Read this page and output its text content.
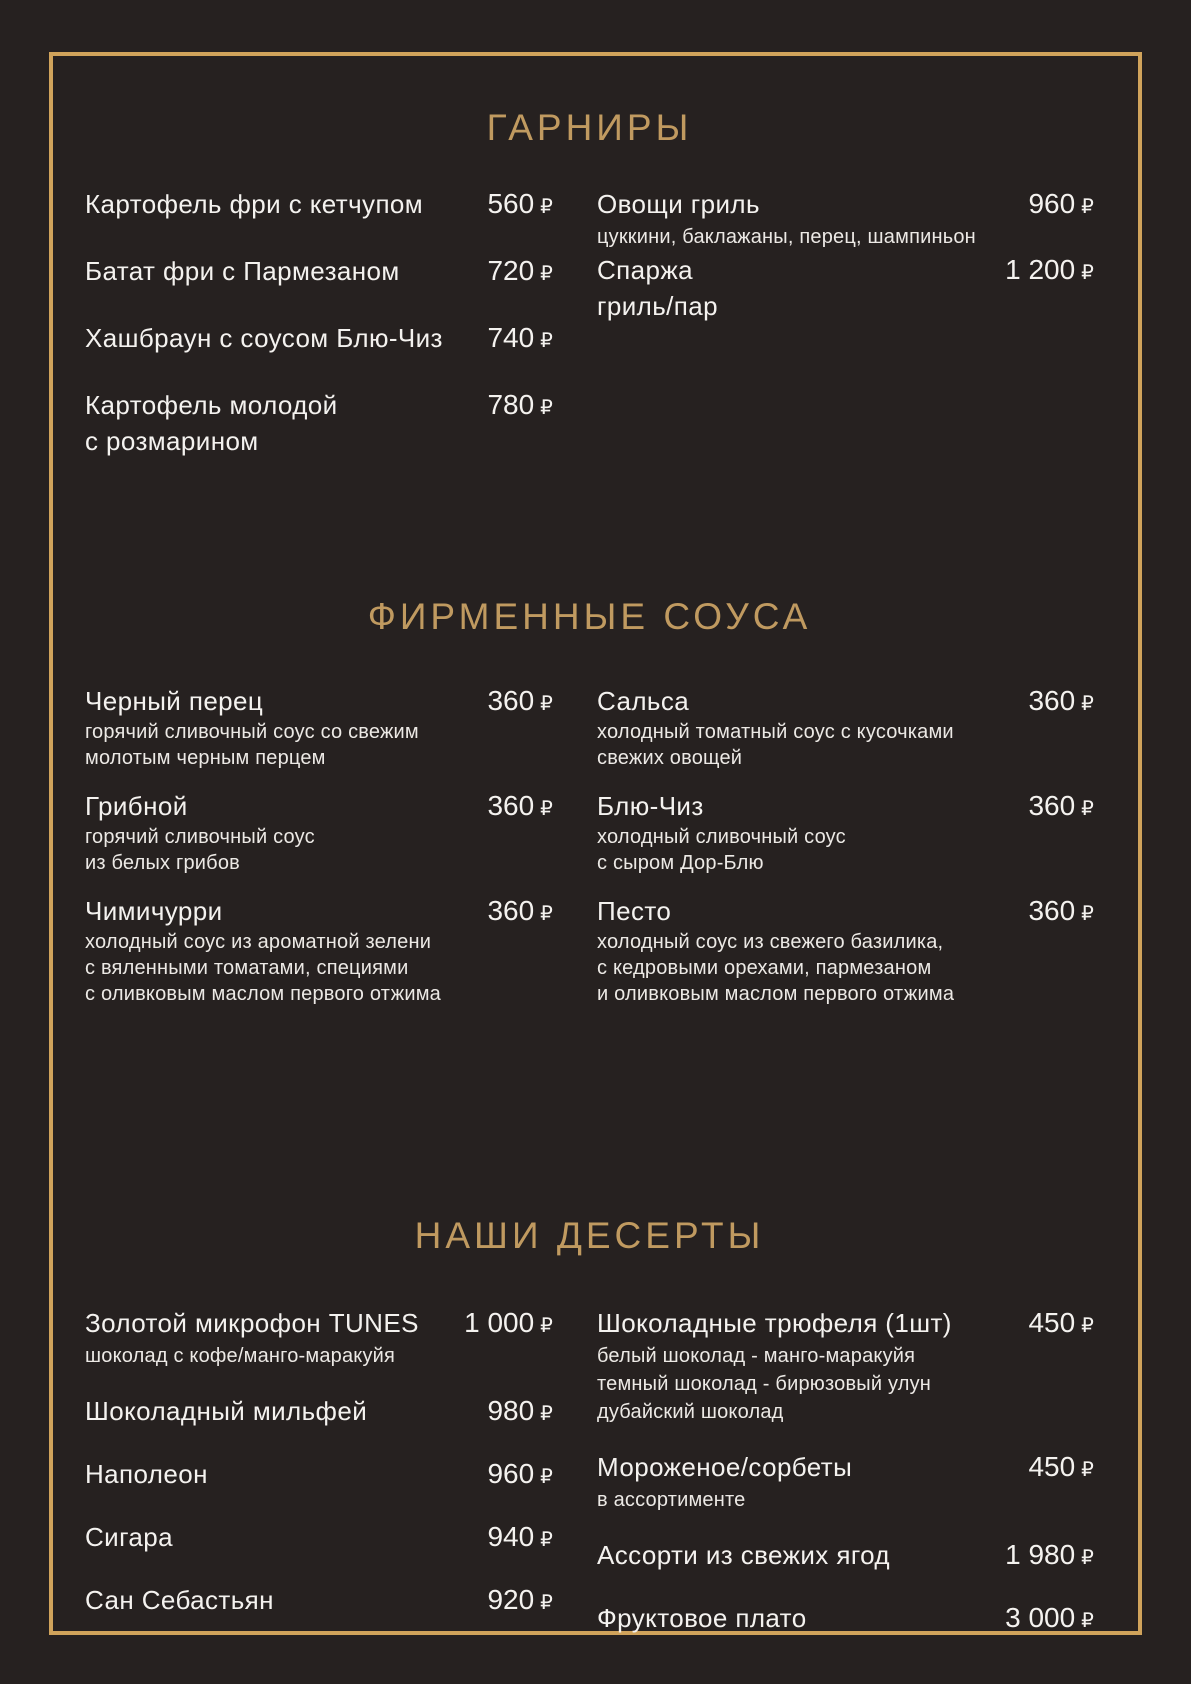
ГАРНИРЫ
Картофель фри с кетчупом	560 ₽
Батат фри с Пармезаном	720 ₽
Хашбраун с соусом Блю-Чиз	740 ₽
Картофель молодой
с розмарином
780 ₽
Овощи гриль
цуккини, баклажаны, перец, шампиньон
960 ₽
Спаржа
гриль/пар
1 200 ₽
ФИРМЕННЫЕ СОУСА
Черный перец
горячий сливочный соус со свежим
молотым черным перцем
360 ₽
Грибной
горячий сливочный соус
из белых грибов
360 ₽
Чимичурри
холодный соус из ароматной зелени
с вяленными томатами, специями
с оливковым маслом первого отжима
360 ₽
Сальса
холодный томатный соус с кусочками
свежих овощей
360 ₽
Блю-Чиз
холодный сливочный соус
с сыром Дор-Блю
360 ₽
Песто
холодный соус из свежего базилика,
с кедровыми орехами, пармезаном
и оливковым маслом первого отжима
360 ₽
НАШИ ДЕСЕРТЫ
Золотой микрофон TUNES
шоколад с кофе/манго-маракуйя
1 000 ₽
Шоколадный мильфей	980 ₽
Наполеон	960 ₽
Сигара	940 ₽
Сан Себастьян	920 ₽
Шоколадные трюфеля (1шт)
белый шоколад - манго-маракуйя
темный шоколад - бирюзовый улун
дубайский шоколад
450 ₽
Мороженое/сорбеты
в ассортименте
450 ₽
Ассорти из свежих ягод	1 980 ₽
Фруктовое плато	3 000 ₽
